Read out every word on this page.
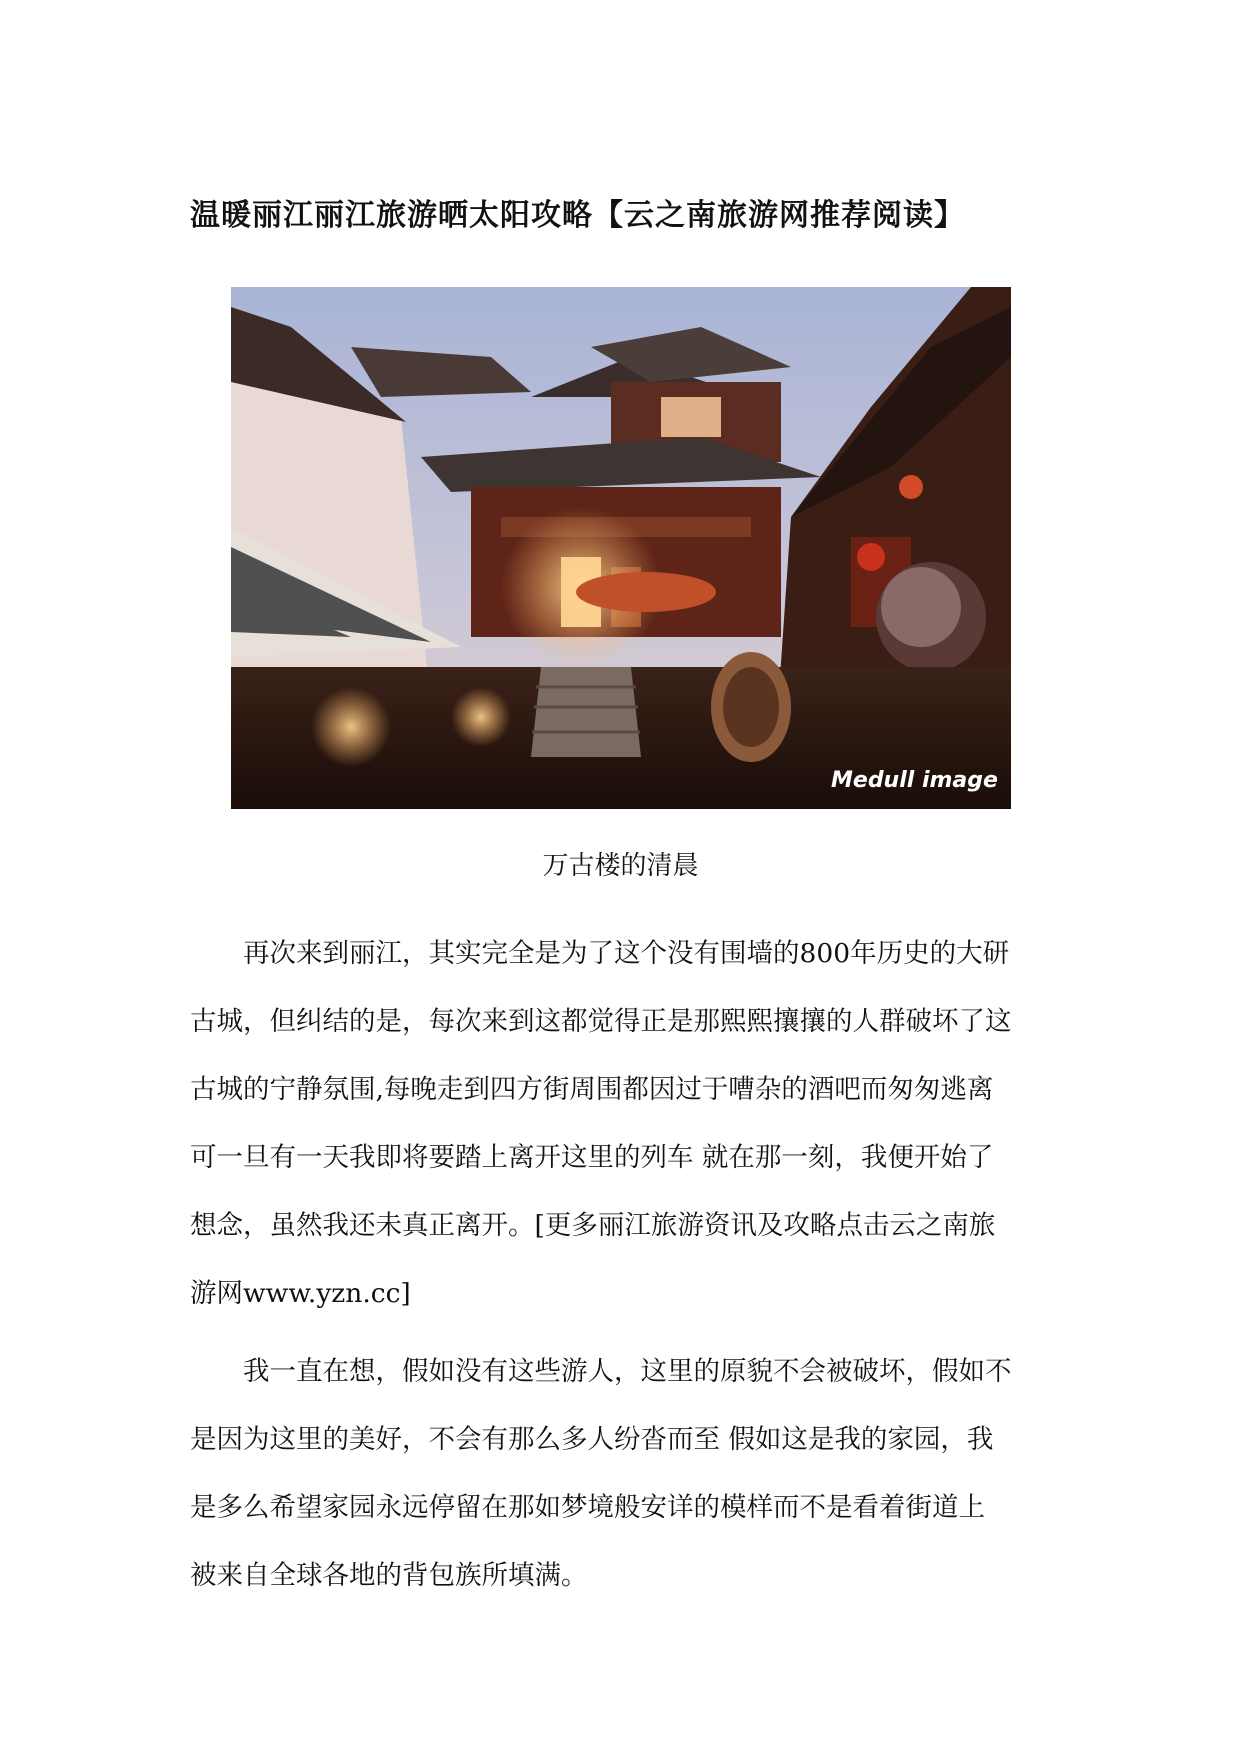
温暖丽江丽江旅游晒太阳攻略【云之南旅游网推荐阅读】
Medull image
万古楼的清晨
再次来到丽江，其实完全是为了这个没有围墙的800年历史的大研
古城，但纠结的是，每次来到这都觉得正是那熙熙攘攘的人群破坏了这
古城的宁静氛围,每晚走到四方街周围都因过于嘈杂的酒吧而匆匆逃离
可一旦有一天我即将要踏上离开这里的列车 就在那一刻，我便开始了
想念，虽然我还未真正离开。[更多丽江旅游资讯及攻略点击云之南旅
游网www.yzn.cc]
我一直在想，假如没有这些游人，这里的原貌不会被破坏，假如不
是因为这里的美好，不会有那么多人纷沓而至 假如这是我的家园，我
是多么希望家园永远停留在那如梦境般安详的模样而不是看着街道上
被来自全球各地的背包族所填满。
